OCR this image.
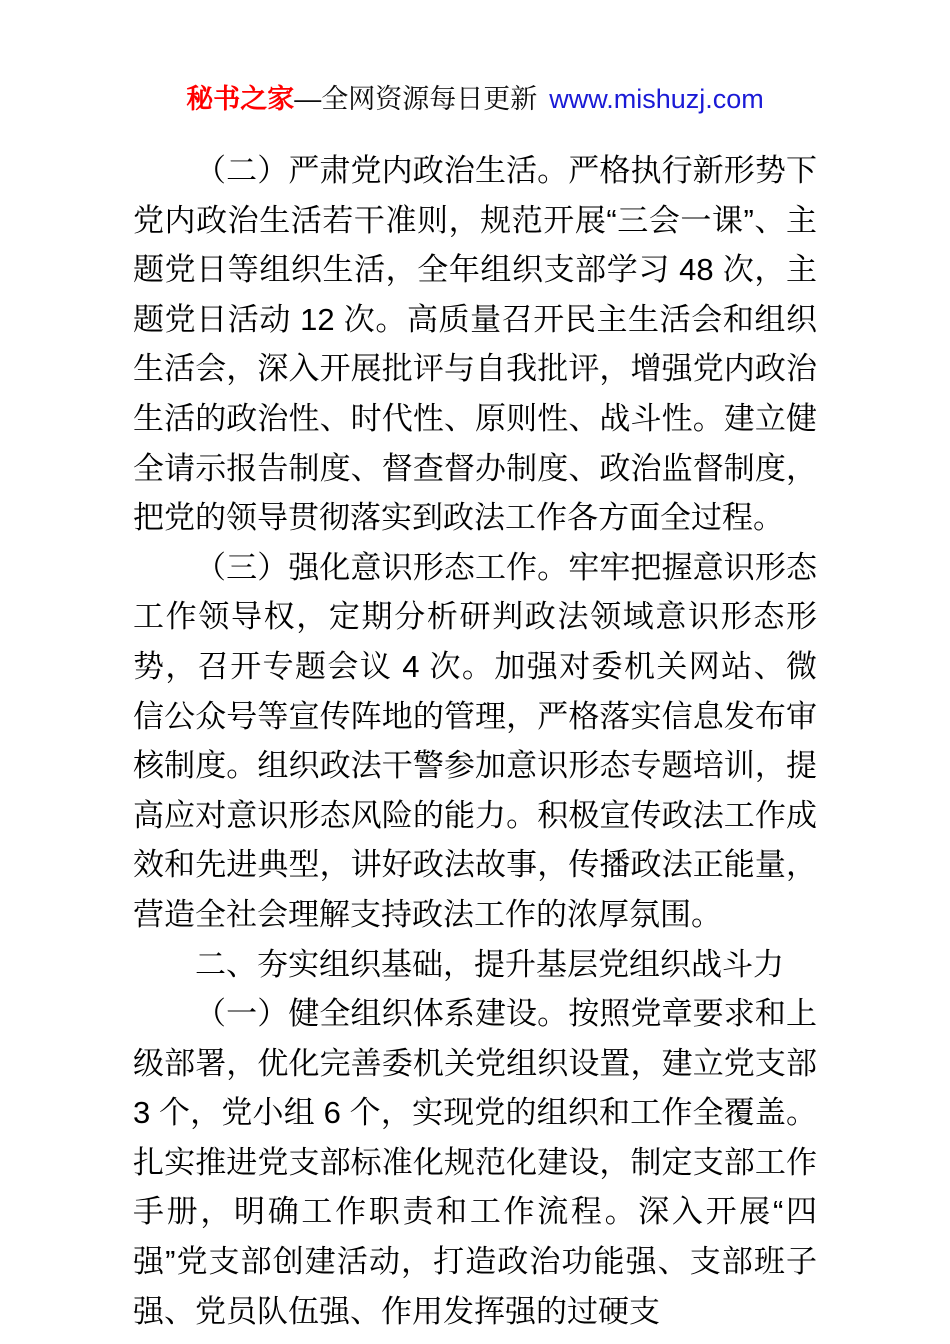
秘书之家—全网资源每日更新 www.mishuzj.com

（二）严肃党内政治生活。严格执行新形势下党内政治生活若干准则，规范开展“三会一课”、主题党日等组织生活，全年组织支部学习 48 次，主题党日活动 12 次。高质量召开民主生活会和组织生活会，深入开展批评与自我批评，增强党内政治生活的政治性、时代性、原则性、战斗性。建立健全请示报告制度、督查督办制度、政治监督制度，把党的领导贯彻落实到政法工作各方面全过程。

（三）强化意识形态工作。牢牢把握意识形态工作领导权，定期分析研判政法领域意识形态形势，召开专题会议 4 次。加强对委机关网站、微信公众号等宣传阵地的管理，严格落实信息发布审核制度。组织政法干警参加意识形态专题培训，提高应对意识形态风险的能力。积极宣传政法工作成效和先进典型，讲好政法故事，传播政法正能量，营造全社会理解支持政法工作的浓厚氛围。

二、夯实组织基础，提升基层党组织战斗力

（一）健全组织体系建设。按照党章要求和上级部署，优化完善委机关党组织设置，建立党支部 3 个，党小组 6 个，实现党的组织和工作全覆盖。扎实推进党支部标准化规范化建设，制定支部工作手册，明确工作职责和工作流程。深入开展“四强”党支部创建活动，打造政治功能强、支部班子强、党员队伍强、作用发挥强的过硬支
